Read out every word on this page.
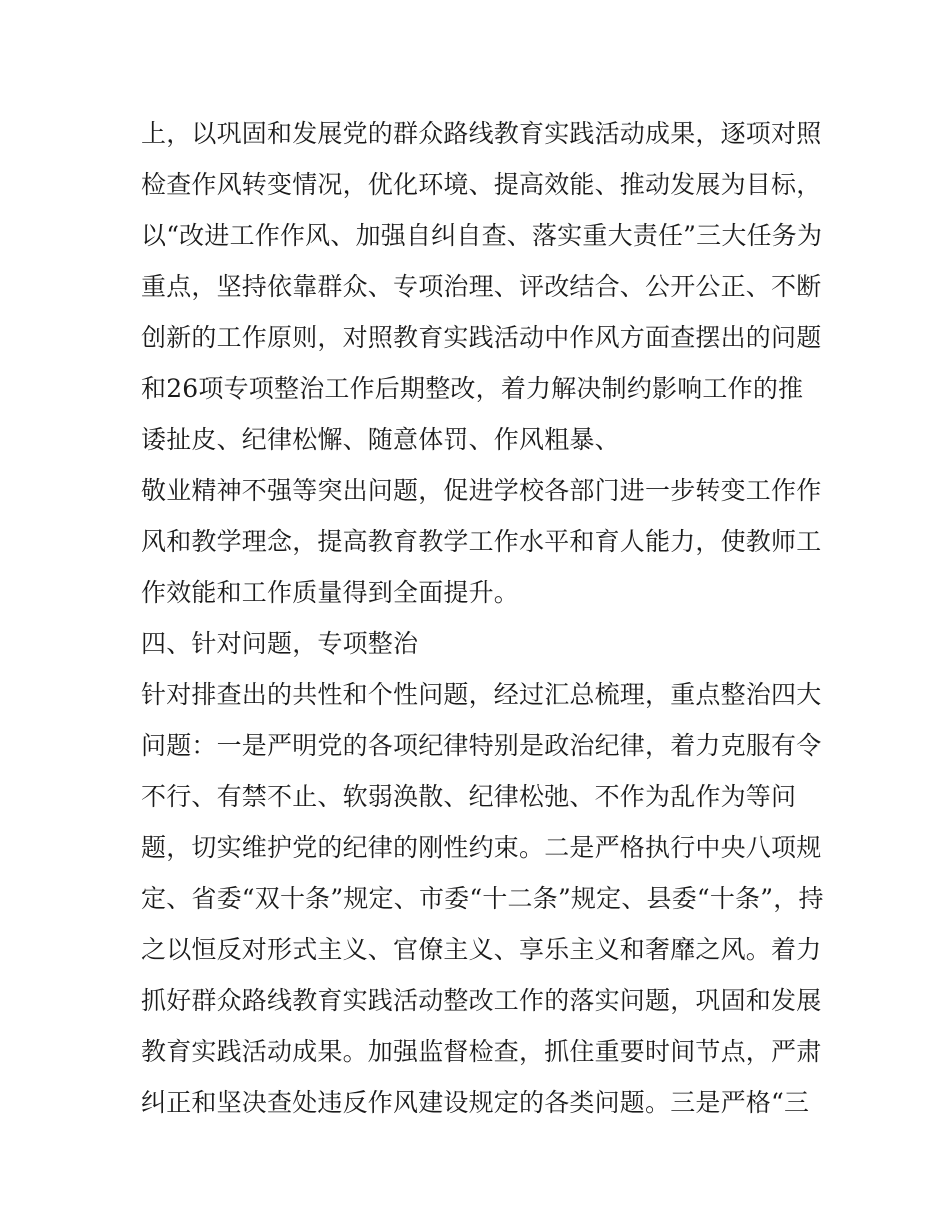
上，以巩固和发展党的群众路线教育实践活动成果，逐项对照
检查作风转变情况，优化环境、提高效能、推动发展为目标，
以“改进工作作风、加强自纠自查、落实重大责任”三大任务为
重点，坚持依靠群众、专项治理、评改结合、公开公正、不断
创新的工作原则，对照教育实践活动中作风方面查摆出的问题
和26项专项整治工作后期整改，着力解决制约影响工作的推
诿扯皮、纪律松懈、随意体罚、作风粗暴、
敬业精神不强等突出问题，促进学校各部门进一步转变工作作
风和教学理念，提高教育教学工作水平和育人能力，使教师工
作效能和工作质量得到全面提升。
四、针对问题，专项整治
针对排查出的共性和个性问题，经过汇总梳理，重点整治四大
问题：一是严明党的各项纪律特别是政治纪律，着力克服有令
不行、有禁不止、软弱涣散、纪律松弛、不作为乱作为等问
题，切实维护党的纪律的刚性约束。二是严格执行中央八项规
定、省委“双十条”规定、市委“十二条”规定、县委“十条”，持
之以恒反对形式主义、官僚主义、享乐主义和奢靡之风。着力
抓好群众路线教育实践活动整改工作的落实问题，巩固和发展
教育实践活动成果。加强监督检查，抓住重要时间节点，严肃
纠正和坚决查处违反作风建设规定的各类问题。三是严格“三
